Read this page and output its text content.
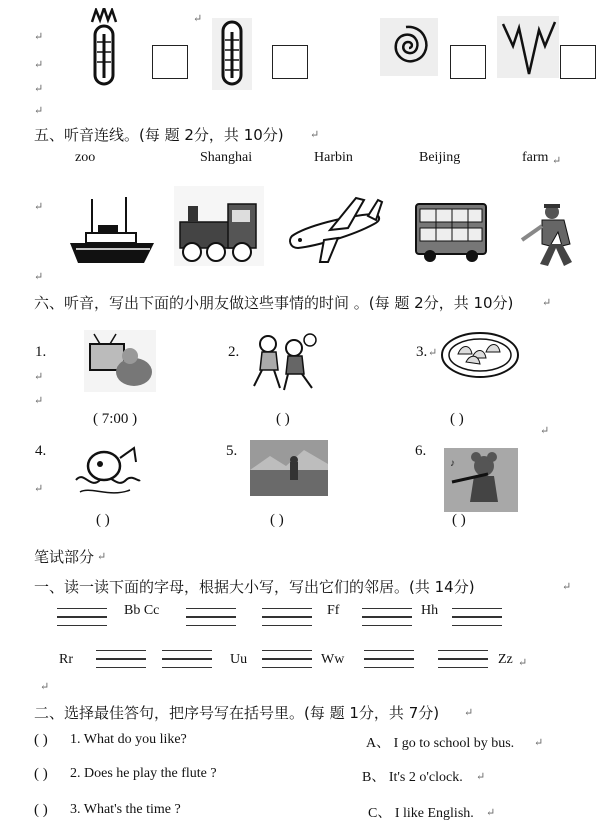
↵
↵
↵
↵
↵
五、听音连线。(每 题 2分，共 10分) ↵
zoo	Shanghai	Harbin	Beijing	farm ↵
↵
↵
六、听音，写出下面的小朋友做这些事情的时间 。(每 题 2分，共 10分)	↵
1.
↵
↵
( 7:00 )
2.
( )
3. ↵
( )
↵
4.
↵
( )
5.
( )
6.
♪
( )
笔试部分 ↵
一、读一读下面的字母，根据大小写，写出它们的邻居。(共 14分)	↵
Bb Cc	Ff	Hh
Rr	Uu	Ww	Zz ↵
↵
二、选择最佳答句，把序号写在括号里。(每 题 1分，共 7分) ↵
( ) 1. What do you like?	A、 I go to school by bus. ↵
( ) 2. Does he play the flute ?	B、 It's 2 o'clock. ↵
( ) 3. What's the time ?	C、 I like English. ↵
